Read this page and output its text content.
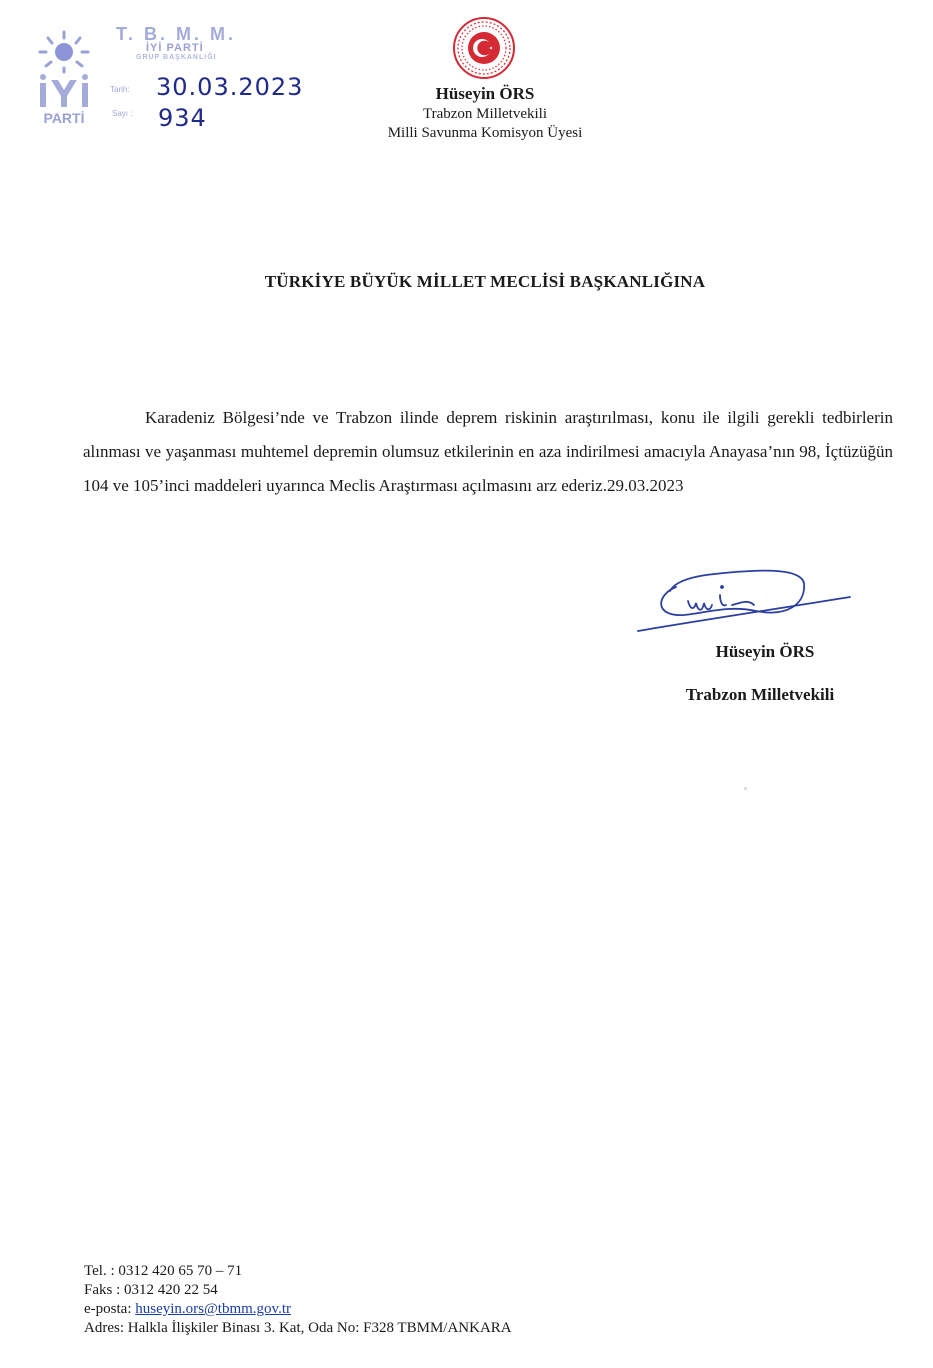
PARTİ
T. B. M. M.
İYİ PARTİ
GRUP BAŞKANLIĞI
Tarih: 30.03.2023
Sayı : 934
Hüseyin ÖRS
Trabzon Milletvekili
Milli Savunma Komisyon Üyesi
TÜRKİYE BÜYÜK MİLLET MECLİSİ BAŞKANLIĞINA

Karadeniz Bölgesi’nde ve Trabzon ilinde deprem riskinin araştırılması, konu ile ilgili gerekli tedbirlerin alınması ve yaşanması muhtemel depremin olumsuz etkilerinin en aza indirilmesi amacıyla Anayasa’nın 98, İçtüzüğün 104 ve 105’inci maddeleri uyarınca Meclis Araştırması açılmasını arz ederiz.29.03.2023

Hüseyin ÖRS
Trabzon Milletvekili
Tel. : 0312 420 65 70 – 71
Faks : 0312 420 22 54
e-posta: huseyin.ors@tbmm.gov.tr
Adres: Halkla İlişkiler Binası 3. Kat, Oda No: F328 TBMM/ANKARA
